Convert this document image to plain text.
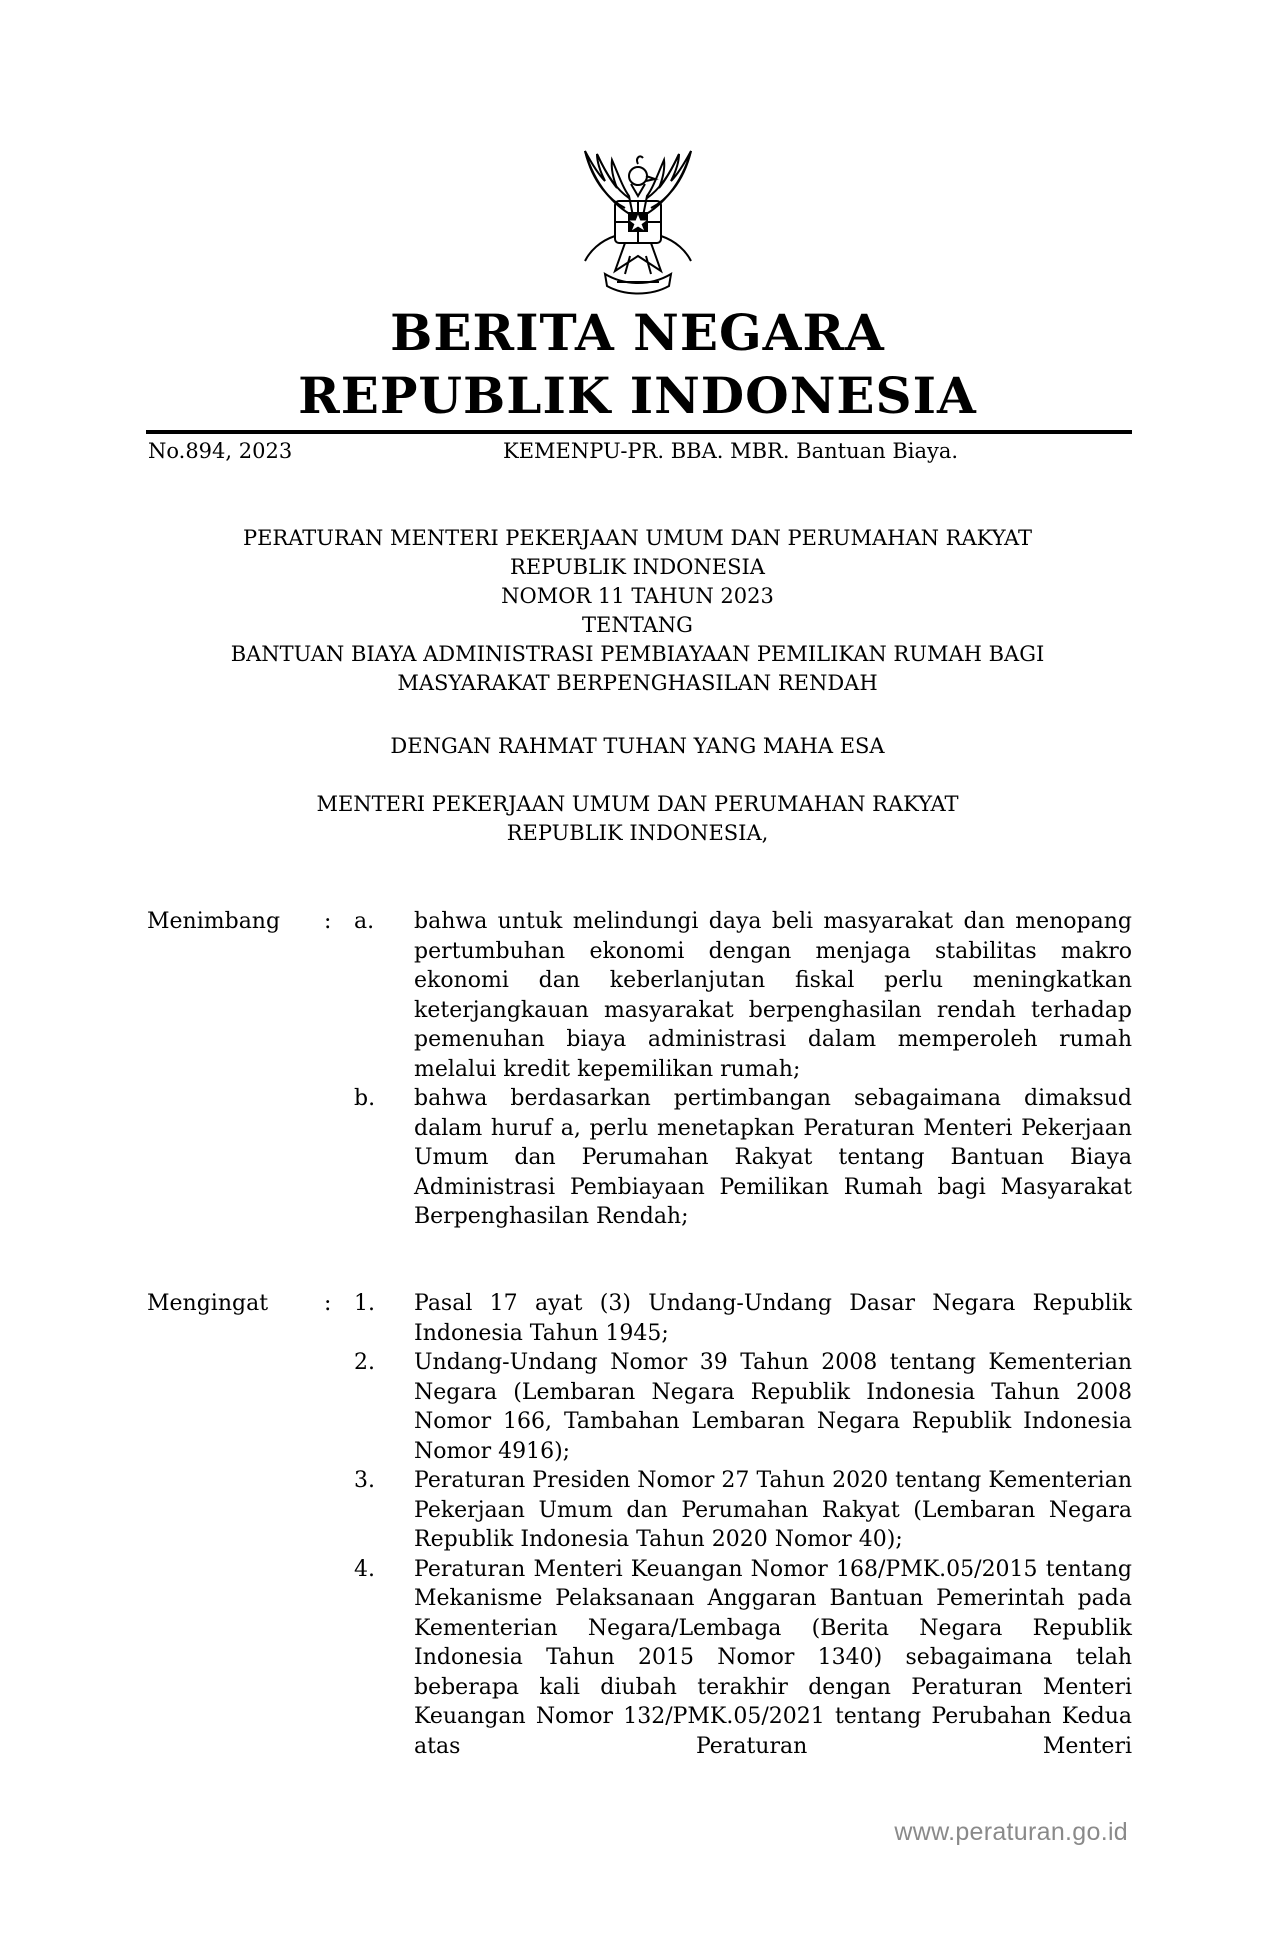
BERITA NEGARA
REPUBLIK INDONESIA
No.894, 2023	KEMENPU-PR. BBA. MBR. Bantuan Biaya.
PERATURAN MENTERI PEKERJAAN UMUM DAN PERUMAHAN RAKYAT
REPUBLIK INDONESIA
NOMOR 11 TAHUN 2023
TENTANG
BANTUAN BIAYA ADMINISTRASI PEMBIAYAAN PEMILIKAN RUMAH BAGI
MASYARAKAT BERPENGHASILAN RENDAH
DENGAN RAHMAT TUHAN YANG MAHA ESA
MENTERI PEKERJAAN UMUM DAN PERUMAHAN RAKYAT
REPUBLIK INDONESIA,
Menimbang : a. bahwa untuk melindungi daya beli masyarakat dan menopang pertumbuhan ekonomi dengan menjaga stabilitas makro ekonomi dan keberlanjutan fiskal perlu meningkatkan keterjangkauan masyarakat berpenghasilan rendah terhadap pemenuhan biaya administrasi dalam memperoleh rumah melalui kredit kepemilikan rumah;
b. bahwa berdasarkan pertimbangan sebagaimana dimaksud dalam huruf a, perlu menetapkan Peraturan Menteri Pekerjaan Umum dan Perumahan Rakyat tentang Bantuan Biaya Administrasi Pembiayaan Pemilikan Rumah bagi Masyarakat Berpenghasilan Rendah;
Mengingat	: 1. Pasal 17 ayat (3) Undang-Undang Dasar Negara Republik Indonesia Tahun 1945;
2. Undang-Undang Nomor 39 Tahun 2008 tentang Kementerian Negara (Lembaran Negara Republik Indonesia Tahun 2008 Nomor 166, Tambahan Lembaran Negara Republik Indonesia Nomor 4916);
3. Peraturan Presiden Nomor 27 Tahun 2020 tentang Kementerian Pekerjaan Umum dan Perumahan Rakyat (Lembaran Negara Republik Indonesia Tahun 2020 Nomor 40);
4. Peraturan Menteri Keuangan Nomor 168/PMK.05/2015 tentang Mekanisme Pelaksanaan Anggaran Bantuan Pemerintah pada Kementerian Negara/Lembaga (Berita Negara Republik Indonesia Tahun 2015 Nomor 1340) sebagaimana telah beberapa kali diubah terakhir dengan Peraturan Menteri Keuangan Nomor 132/PMK.05/2021 tentang Perubahan Kedua atas Peraturan Menteri
www.peraturan.go.id
